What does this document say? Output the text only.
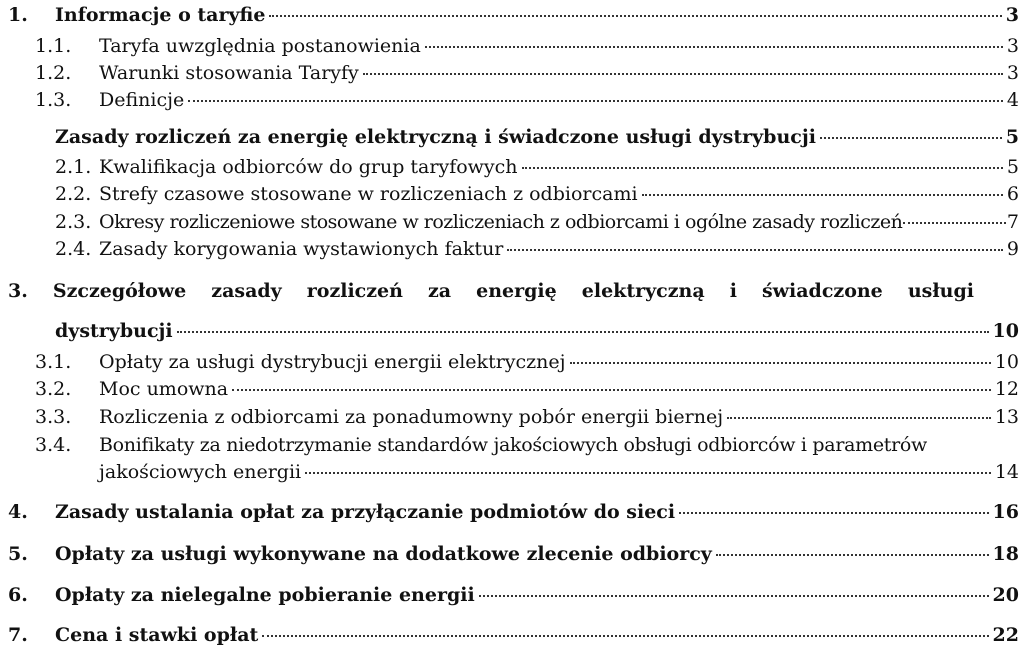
1.	Informacje o taryfie	3
1.1.	Taryfa uwzględnia postanowienia	3
1.2.	Warunki stosowania Taryfy	3
1.3.	Definicje	4
Zasady rozliczeń za energię elektryczną i świadczone usługi dystrybucji	5
2.1. Kwalifikacja odbiorców do grup taryfowych	5
2.2. Strefy czasowe stosowane w rozliczeniach z odbiorcami	6
2.3. Okresy rozliczeniowe stosowane w rozliczeniach z odbiorcami i ogólne zasady rozliczeń	7
2.4. Zasady korygowania wystawionych faktur	9
3. Szczegółowe zasady rozliczeń za energię elektryczną i świadczone usługi
dystrybucji	10
3.1.	Opłaty za usługi dystrybucji energii elektrycznej	10
3.2.	Moc umowna	12
3.3.	Rozliczenia z odbiorcami za ponadumowny pobór energii biernej	13
3.4.	Bonifikaty za niedotrzymanie standardów jakościowych obsługi odbiorców i parametrów
jakościowych energii	14
4.	Zasady ustalania opłat za przyłączanie podmiotów do sieci	16
5.	Opłaty za usługi wykonywane na dodatkowe zlecenie odbiorcy	18
6.	Opłaty za nielegalne pobieranie energii	20
7.	Cena i stawki opłat	22
